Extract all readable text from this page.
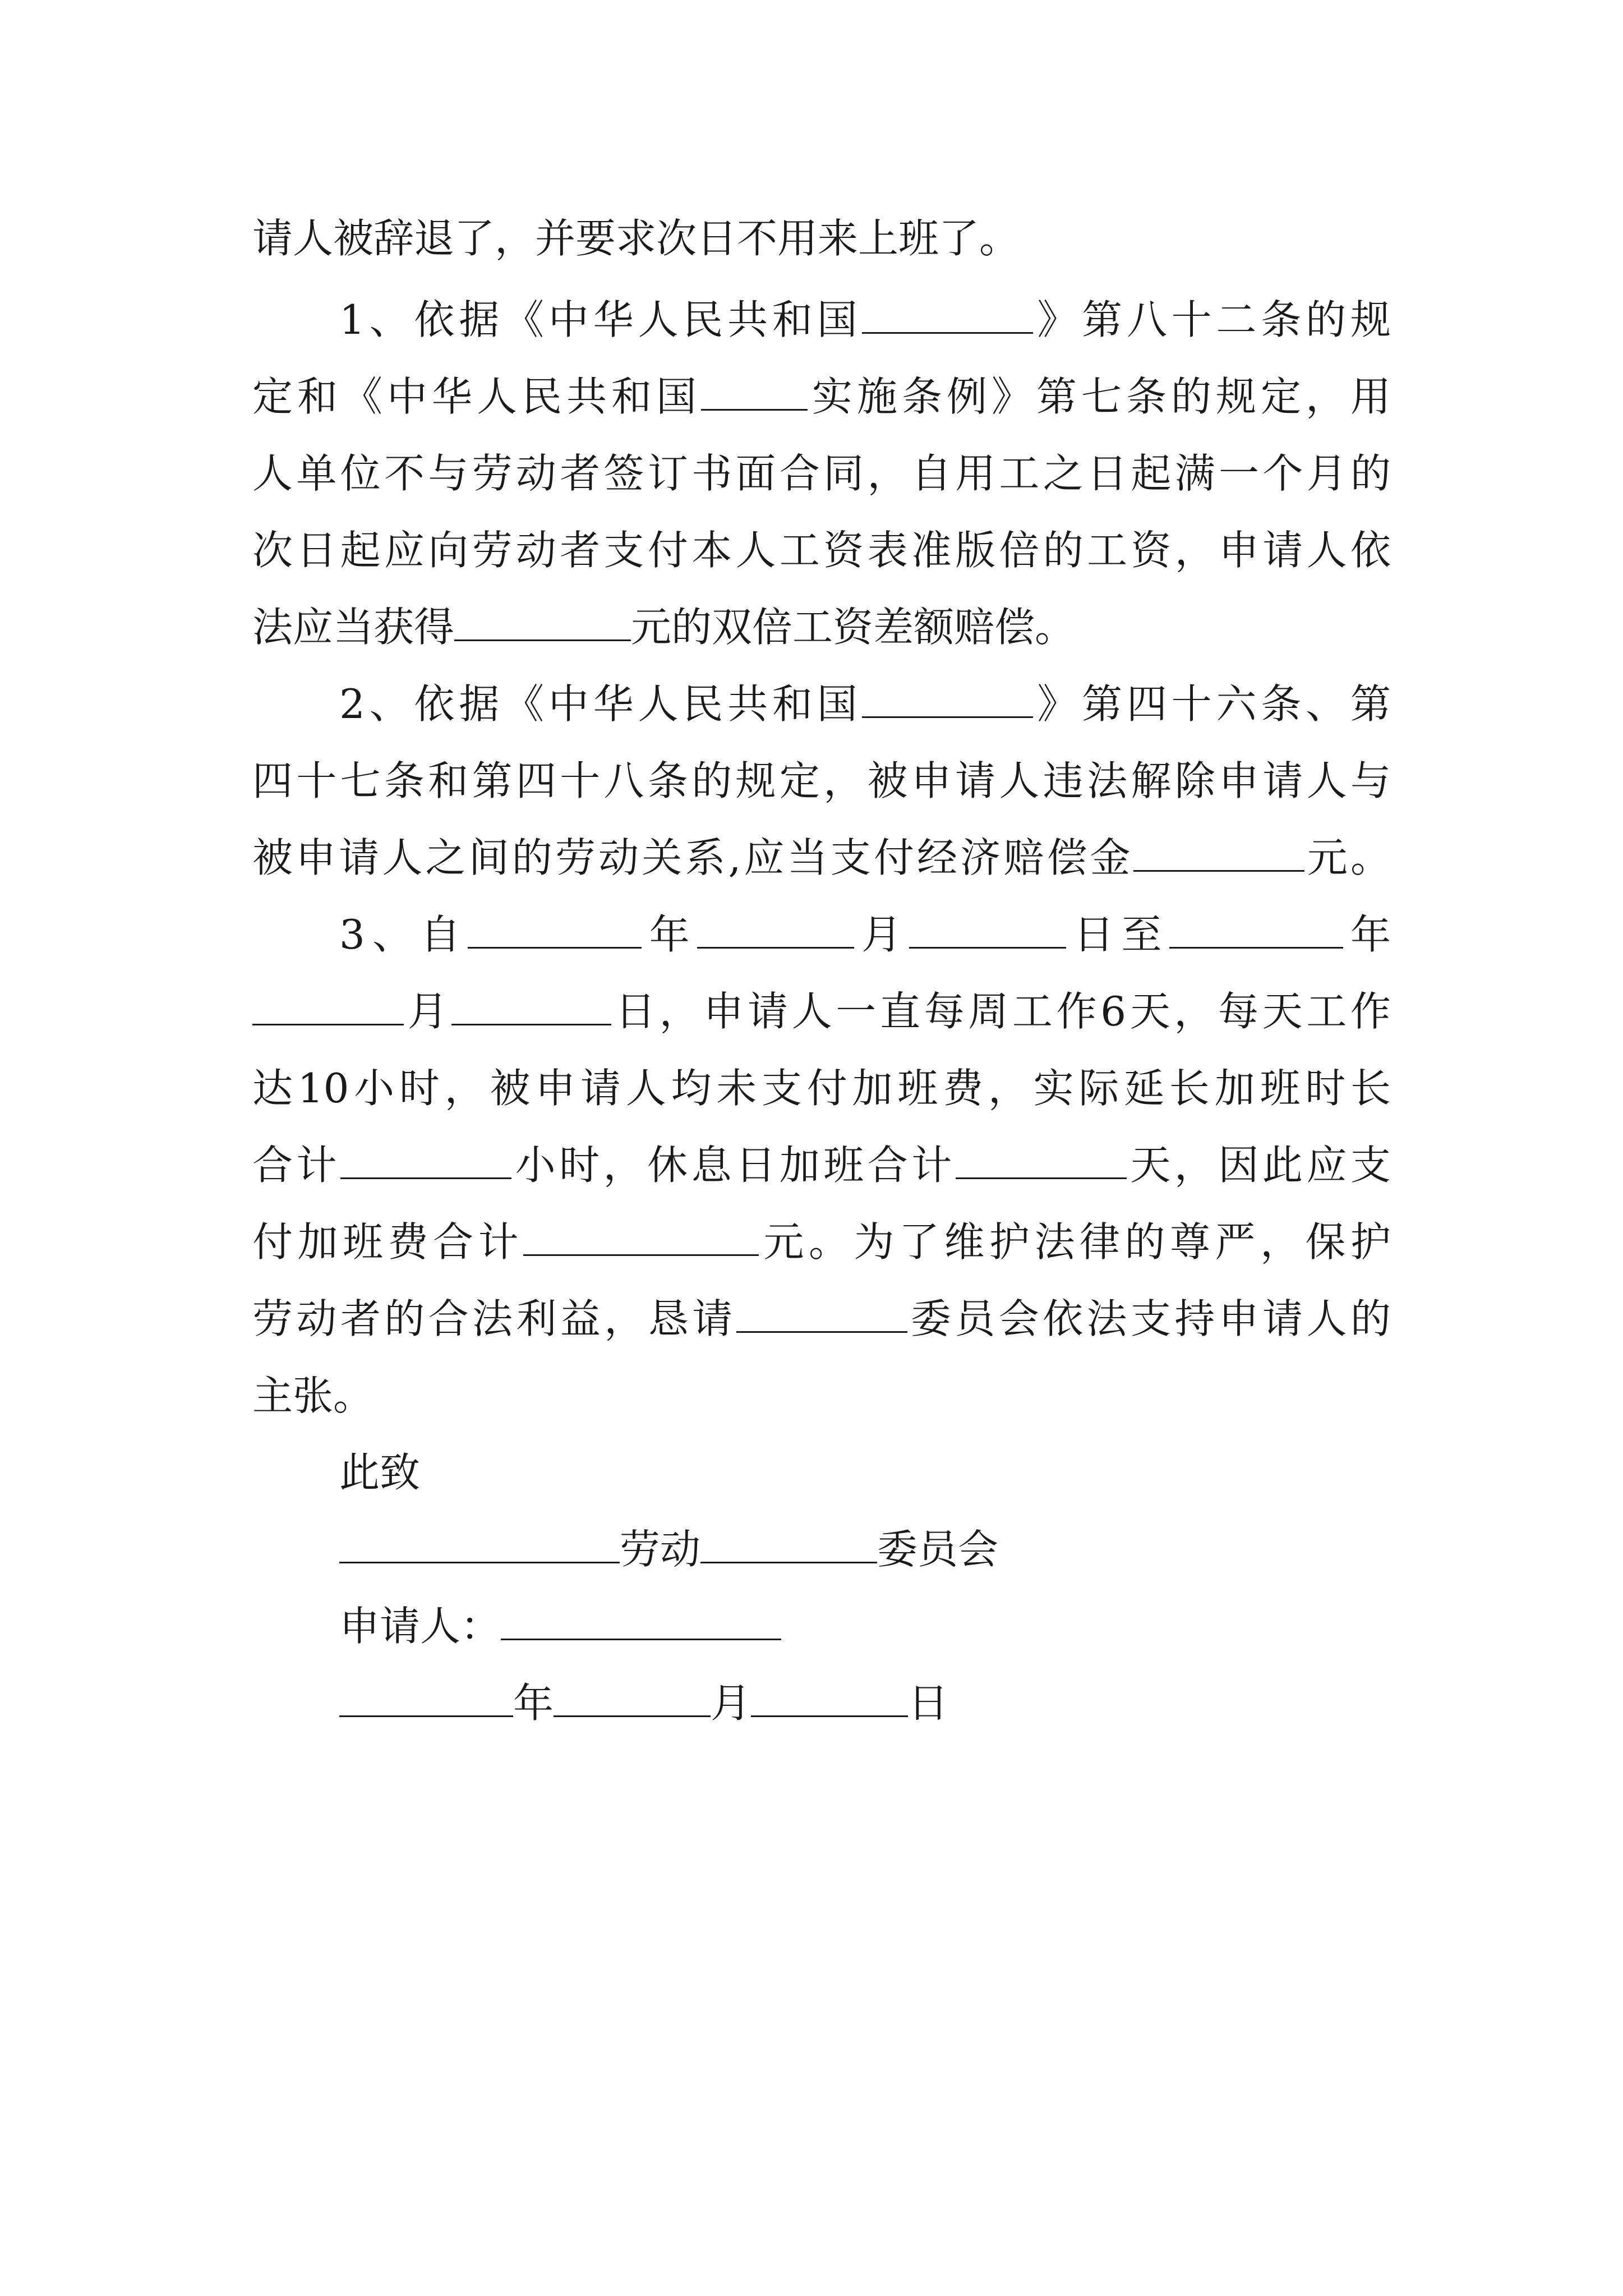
请人被辞退了，并要求次日不用来上班了。
1、依据《中华人民共和国	》第八十二条的规
定和《中华人民共和国	实施条例》第七条的规定，用
人单位不与劳动者签订书面合同，自用工之日起满一个月的
次日起应向劳动者支付本人工资表准版倍的工资，申请人依
法应当获得	元的双倍工资差额赔偿。
2、依据《中华人民共和国	》第四十六条、第
四十七条和第四十八条的规定，被申请人违法解除申请人与
被申请人之间的劳动关系,应当支付经济赔偿金	元。
3、自	年	月	日至	年
月	日，申请人一直每周工作6天，每天工作
达10小时，被申请人均未支付加班费，实际延长加班时长
合计	小时，休息日加班合计	天，因此应支
付加班费合计	元。为了维护法律的尊严，保护
劳动者的合法利益，恳请	委员会依法支持申请人的
主张。
此致
劳动	委员会
申请人：
年	月	日
